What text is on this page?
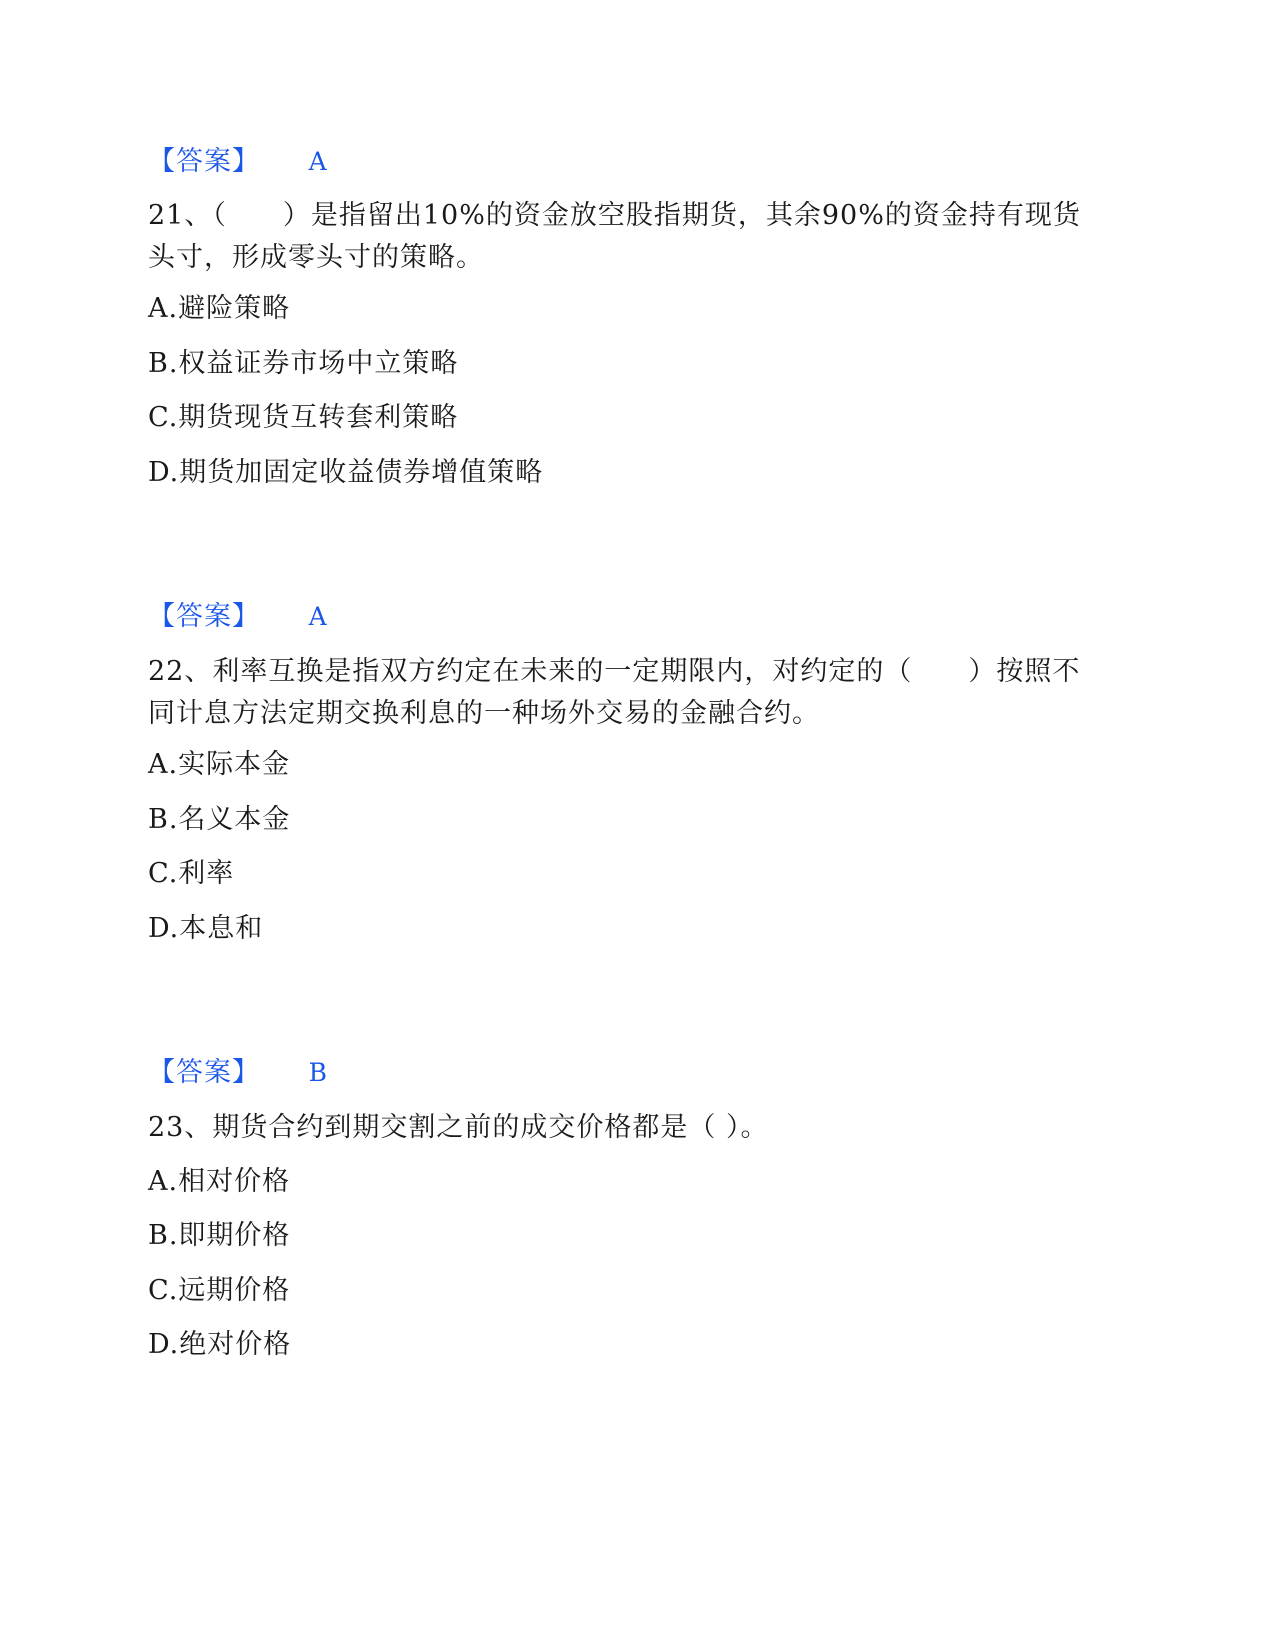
【答案】 A
21、（　　）是指留出10%的资金放空股指期货，其余90%的资金持有现货头寸，形成零头寸的策略。
A.避险策略
B.权益证券市场中立策略
C.期货现货互转套利策略
D.期货加固定收益债券增值策略
【答案】 A
22、利率互换是指双方约定在未来的一定期限内，对约定的（　　）按照不同计息方法定期交换利息的一种场外交易的金融合约。
A.实际本金
B.名义本金
C.利率
D.本息和
【答案】 B
23、期货合约到期交割之前的成交价格都是（ ）。
A.相对价格
B.即期价格
C.远期价格
D.绝对价格
